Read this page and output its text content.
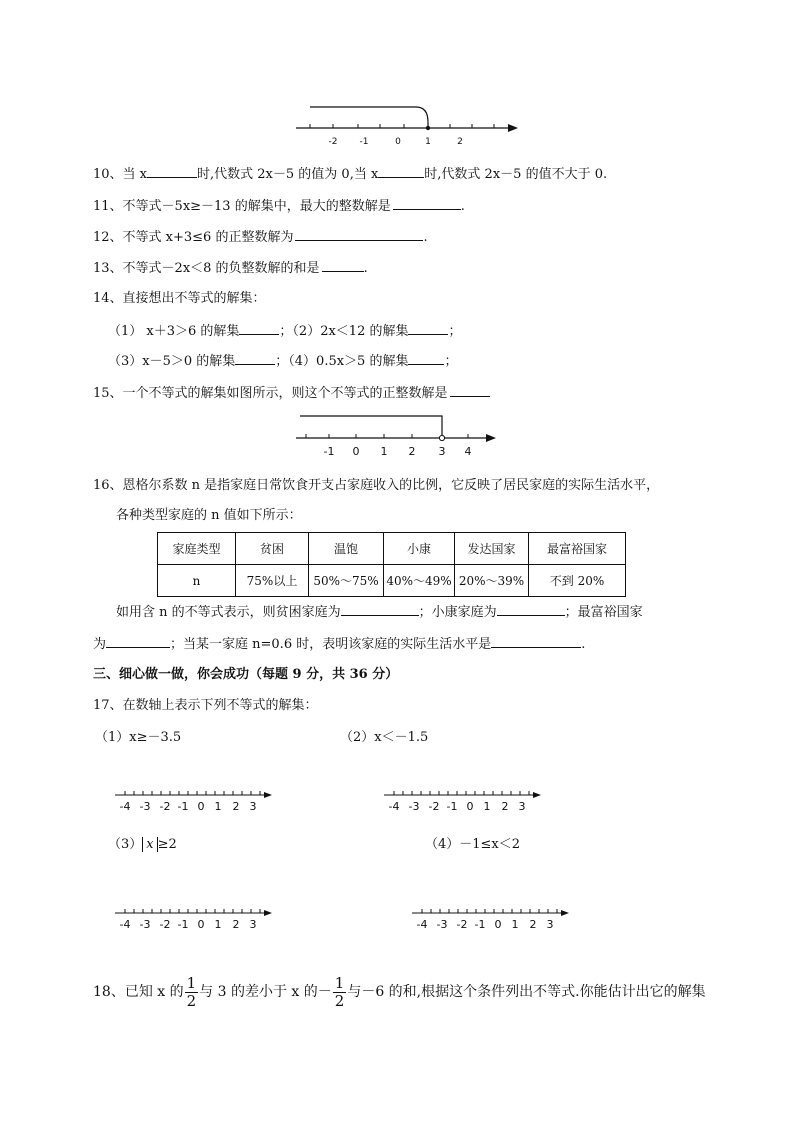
-2 -1	0	1	2
10、当 x	时,代数式 2x－5 的值为 0,当 x	时,代数式 2x－5 的值不大于 0.
11、不等式－5x≥－13 的解集中，最大的整数解是	.
12、不等式 x+3≤6 的正整数解为	.
13、不等式－2x＜8 的负整数解的和是	.
14、直接想出不等式的解集：
（1） x＋3＞6 的解集	；（2）2x＜12 的解集	；
（3）x－5＞0 的解集	；（4）0.5x＞5 的解集	；
15、一个不等式的解集如图所示，则这个不等式的正整数解是
-1 0 1 2 3 4
16、恩格尔系数 n 是指家庭日常饮食开支占家庭收入的比例，它反映了居民家庭的实际生活水平，
各种类型家庭的 n 值如下所示：
家庭类型	贫困	温饱	小康	发达国家	最富裕国家
n	75%以上	50%～75%	40%～49%	20%～39%	不到 20%
如用含 n 的不等式表示，则贫困家庭为	；小康家庭为	；最富裕国家
为	；当某一家庭 n=0.6 时，表明该家庭的实际生活水平是	.
三、细心做一做，你会成功（每题 9 分，共 36 分）
17、在数轴上表示下列不等式的解集：
（1）x≥－3.5	（2）x＜－1.5
-4 -3 -2 -1 0 1 2 3	-4 -3 -2 -1 0 1 2 3
（3） x ≥2	（4）－1≤x＜2
-4 -3 -2 -1 0 1 2 3	-4 -3 -2 -1 0 1 2 3
18、已知 x 的 $\frac{1}{2}$ 与 3 的差小于 x 的－ $\frac{1}{2}$ 与－6 的和,根据这个条件列出不等式.你能估计出它的解集
